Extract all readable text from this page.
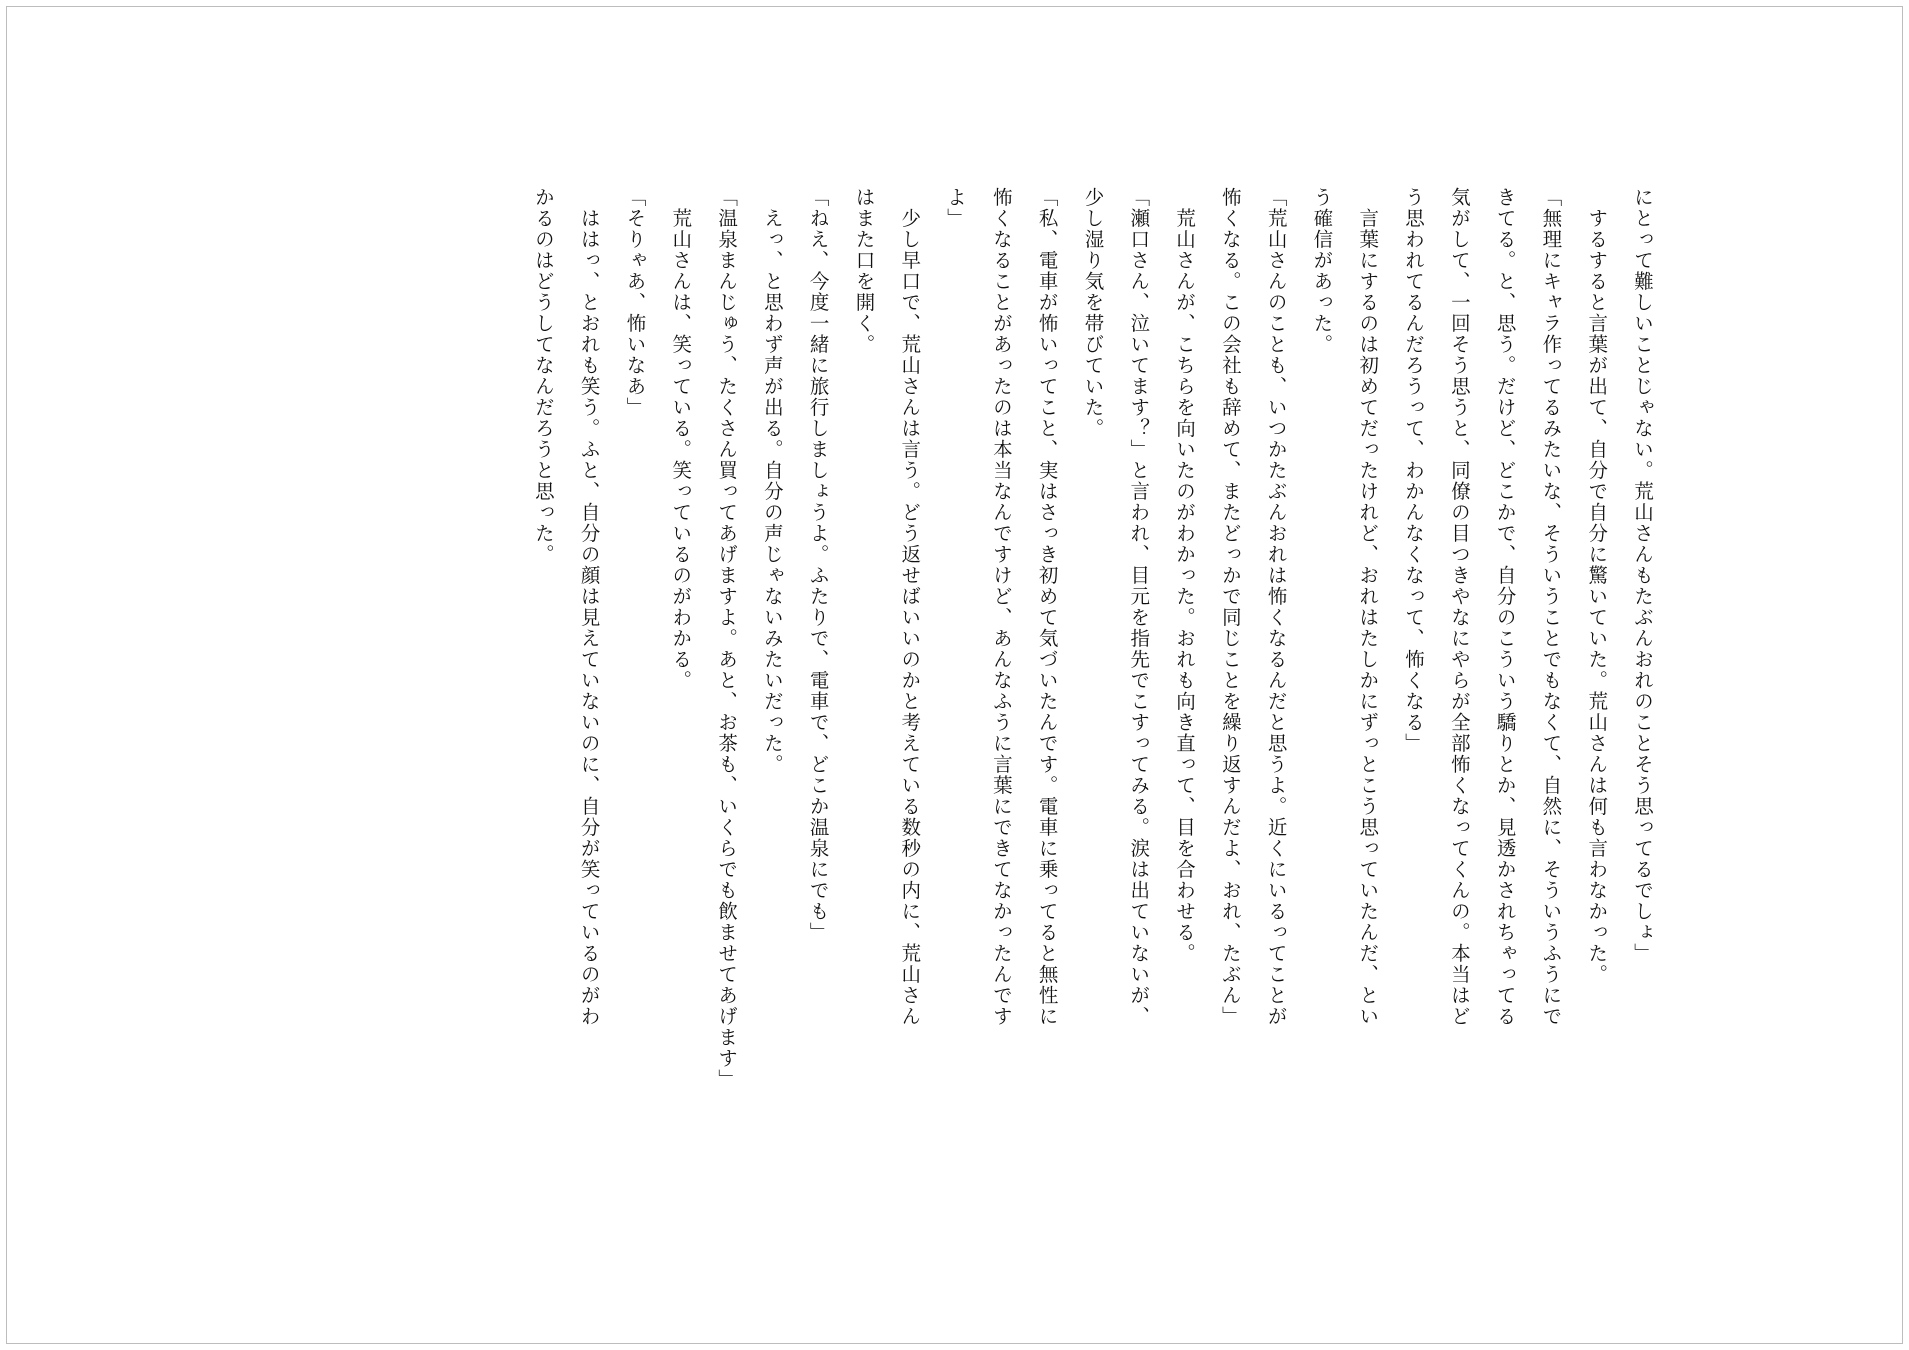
にとって難しいことじゃない。荒山さんもたぶんおれのことそう思ってるでしょ」
　するすると言葉が出て、自分で自分に驚いていた。荒山さんは何も言わなかった。
「無理にキャラ作ってるみたいな、そういうことでもなくて、自然に、そういうふうにで
きてる。と、思う。だけど、どこかで、自分のこういう驕りとか、見透かされちゃってる
気がして、一回そう思うと、同僚の目つきやなにやらが全部怖くなってくんの。本当はど
う思われてるんだろうって、わかんなくなって、怖くなる」
　言葉にするのは初めてだったけれど、おれはたしかにずっとこう思っていたんだ、とい
う確信があった。
「荒山さんのことも、いつかたぶんおれは怖くなるんだと思うよ。近くにいるってことが
怖くなる。この会社も辞めて、またどっかで同じことを繰り返すんだよ、おれ、たぶん」
　荒山さんが、こちらを向いたのがわかった。おれも向き直って、目を合わせる。
「瀬口さん、泣いてます？」と言われ、目元を指先でこすってみる。涙は出ていないが、
少し湿り気を帯びていた。
「私、電車が怖いってこと、実はさっき初めて気づいたんです。電車に乗ってると無性に
怖くなることがあったのは本当なんですけど、あんなふうに言葉にできてなかったんです
よ」
　少し早口で、荒山さんは言う。どう返せばいいのかと考えている数秒の内に、荒山さん
はまた口を開く。
「ねえ、今度一緒に旅行しましょうよ。ふたりで、電車で、どこか温泉にでも」
　えっ、と思わず声が出る。自分の声じゃないみたいだった。
「温泉まんじゅう、たくさん買ってあげますよ。あと、お茶も、いくらでも飲ませてあげます」
　荒山さんは、笑っている。笑っているのがわかる。
「そりゃあ、怖いなあ」
　ははっ、とおれも笑う。ふと、自分の顔は見えていないのに、自分が笑っているのがわ
かるのはどうしてなんだろうと思った。
